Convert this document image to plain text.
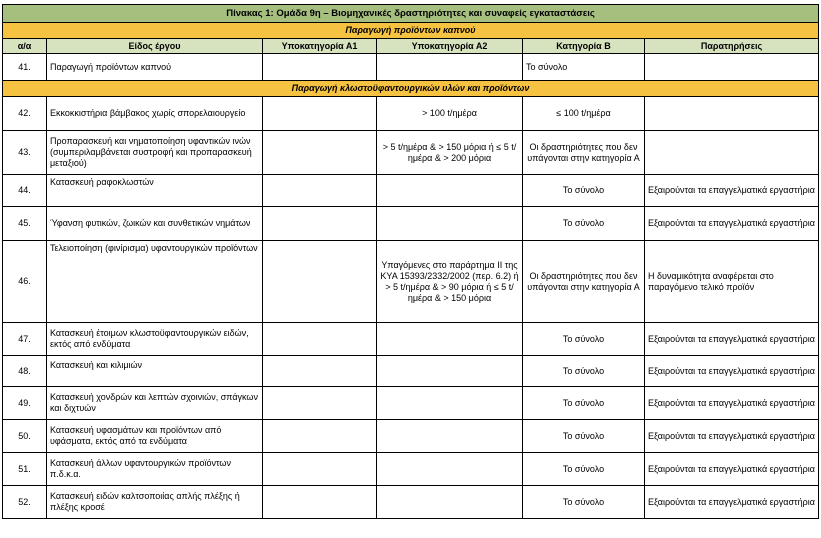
Πίνακας 1: Ομάδα 9η – Βιομηχανικές δραστηριότητες και συναφείς εγκαταστάσεις					
Παραγωγή προϊόντων καπνού					
α/α	Είδος έργου	Υποκατηγορία Α1	Υποκατηγορία Α2	Κατηγορία Β	Παρατηρήσεις
41.	Παραγωγή προϊόντων καπνού			Το σύνολο	
Παραγωγή κλωστοϋφαντουργικών υλών και προϊόντων					
42.	Εκκοκκιστήρια βάμβακος χωρίς σπορελαιουργείο		> 100 t/ημέρα	≤ 100 t/ημέρα	
43.	Προπαρασκευή και νηματοποίηση υφαντικών ινών (συμπεριλαμβάνεται συστροφή και προπαρασκευή μεταξιού)		> 5 t/ημέρα & > 150 μόρια ή ≤ 5 t/ημέρα & > 200 μόρια	Οι δραστηριότητες που δεν υπάγονται στην κατηγορία Α	
44.	Κατασκευή ραφοκλωστών			Το σύνολο	Εξαιρούνται τα επαγγελματικά εργαστήρια
45.	Ύφανση φυτικών, ζωικών και συνθετικών νημάτων			Το σύνολο	Εξαιρούνται τα επαγγελματικά εργαστήρια
46.	Τελειοποίηση (φινίρισμα) υφαντουργικών προϊόντων		Υπαγόμενες στο παράρτημα ΙΙ της ΚΥΑ 15393/2332/2002 (περ. 6.2) ή > 5 t/ημέρα & > 90 μόρια ή ≤ 5 t/ημέρα & > 150 μόρια	Οι δραστηριότητες που δεν υπάγονται στην κατηγορία Α	Η δυναμικότητα αναφέρεται στο παραγόμενο τελικό προϊόν
47.	Κατασκευή έτοιμων κλωστοϋφαντουργικών ειδών, εκτός από ενδύματα			Το σύνολο	Εξαιρούνται τα επαγγελματικά εργαστήρια
48.	Κατασκευή και κιλιμιών			Το σύνολο	Εξαιρούνται τα επαγγελματικά εργαστήρια
49.	Κατασκευή χονδρών και λεπτών σχοινιών, σπάγκων και διχτυών			Το σύνολο	Εξαιρούνται τα επαγγελματικά εργαστήρια
50.	Κατασκευή υφασμάτων και προϊόντων από υφάσματα, εκτός από τα ενδύματα			Το σύνολο	Εξαιρούνται τα επαγγελματικά εργαστήρια
51.	Κατασκευή άλλων υφαντουργικών προϊόντων π.δ.κ.α.			Το σύνολο	Εξαιρούνται τα επαγγελματικά εργαστήρια
52.	Κατασκευή ειδών καλτσοποιίας απλής πλέξης ή πλέξης κροσέ			Το σύνολο	Εξαιρούνται τα επαγγελματικά εργαστήρια
